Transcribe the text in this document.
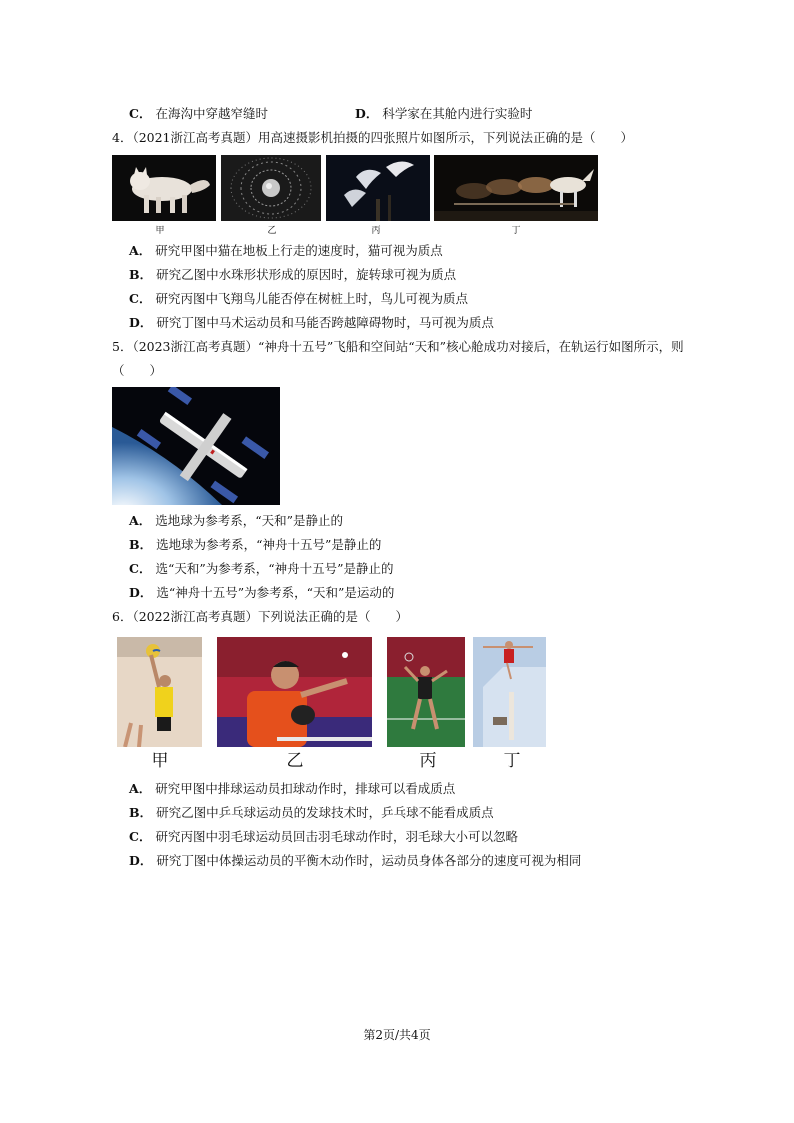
C． 在海沟中穿越窄缝时	D． 科学家在其舱内进行实验时
4．（2021浙江高考真题）用高速摄影机拍摄的四张照片如图所示，下列说法正确的是（　　）
甲	乙	丙	丁
A． 研究甲图中猫在地板上行走的速度时，猫可视为质点
B． 研究乙图中水珠形状形成的原因时，旋转球可视为质点
C． 研究丙图中飞翔鸟儿能否停在树桩上时，鸟儿可视为质点
D． 研究丁图中马术运动员和马能否跨越障碍物时，马可视为质点
5．（2023浙江高考真题）“神舟十五号”飞船和空间站“天和”核心舱成功对接后，在轨运行如图所示，则
（　　）
A． 选地球为参考系，“天和”是静止的
B． 选地球为参考系，“神舟十五号”是静止的
C． 选“天和”为参考系，“神舟十五号”是静止的
D． 选“神舟十五号”为参考系，“天和”是运动的
6．（2022浙江高考真题）下列说法正确的是（　　）
甲	乙	丙	丁
A． 研究甲图中排球运动员扣球动作时，排球可以看成质点
B． 研究乙图中乒乓球运动员的发球技术时，乒乓球不能看成质点
C． 研究丙图中羽毛球运动员回击羽毛球动作时，羽毛球大小可以忽略
D． 研究丁图中体操运动员的平衡木动作时，运动员身体各部分的速度可视为相同
第2页/共4页
